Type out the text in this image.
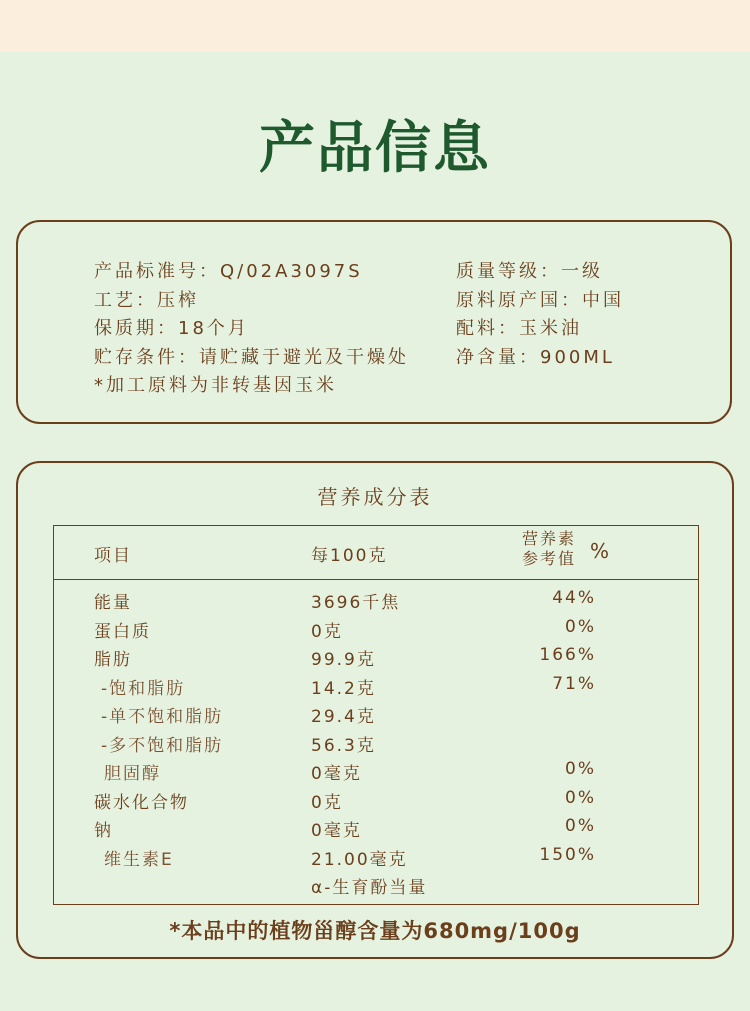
产品信息
产品标准号：Q/02A3097S
工艺：压榨
保质期：18个月
贮存条件：请贮藏于避光及干燥处
*加工原料为非转基因玉米
质量等级：一级
原料原产国：中国
配料：玉米油
净含量：900ML
营养成分表
项目	每100克
营养素
参考值 %
能量	3696千焦	44%
蛋白质	0克	0%
脂肪	99.9克	166%
-饱和脂肪	14.2克	71%
-单不饱和脂肪	29.4克
-多不饱和脂肪	56.3克
胆固醇	0毫克	0%
碳水化合物	0克	0%
钠	0毫克	0%
维生素E	21.00毫克	150%
α-生育酚当量
*本品中的植物甾醇含量为680mg/100g
